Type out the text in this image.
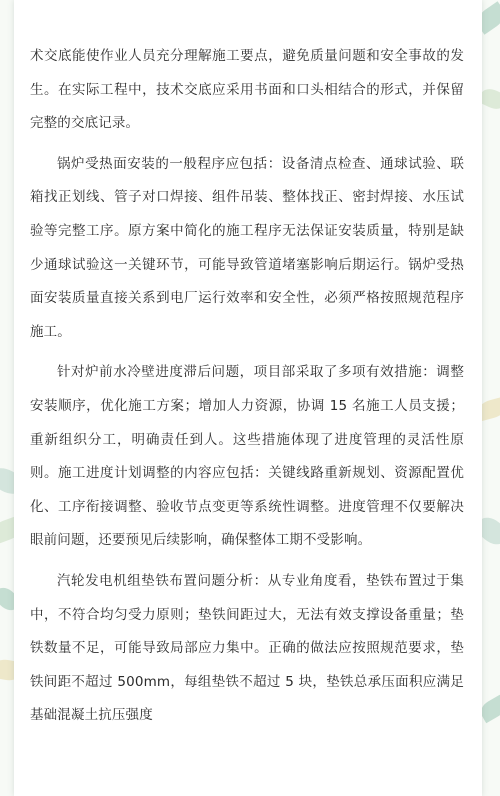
术交底能使作业人员充分理解施工要点，避免质量问题和安全事故的发生。在实际工程中，技术交底应采用书面和口头相结合的形式，并保留完整的交底记录。

锅炉受热面安装的一般程序应包括：设备清点检查、通球试验、联箱找正划线、管子对口焊接、组件吊装、整体找正、密封焊接、水压试验等完整工序。原方案中简化的施工程序无法保证安装质量，特别是缺少通球试验这一关键环节，可能导致管道堵塞影响后期运行。锅炉受热面安装质量直接关系到电厂运行效率和安全性，必须严格按照规范程序施工。

针对炉前水冷壁进度滞后问题，项目部采取了多项有效措施：调整安装顺序，优化施工方案；增加人力资源，协调 15 名施工人员支援；重新组织分工，明确责任到人。这些措施体现了进度管理的灵活性原则。施工进度计划调整的内容应包括：关键线路重新规划、资源配置优化、工序衔接调整、验收节点变更等系统性调整。进度管理不仅要解决眼前问题，还要预见后续影响，确保整体工期不受影响。

汽轮发电机组垫铁布置问题分析：从专业角度看，垫铁布置过于集中，不符合均匀受力原则；垫铁间距过大，无法有效支撑设备重量；垫铁数量不足，可能导致局部应力集中。正确的做法应按照规范要求，垫铁间距不超过 500mm，每组垫铁不超过 5 块，垫铁总承压面积应满足基础混凝土抗压强度
